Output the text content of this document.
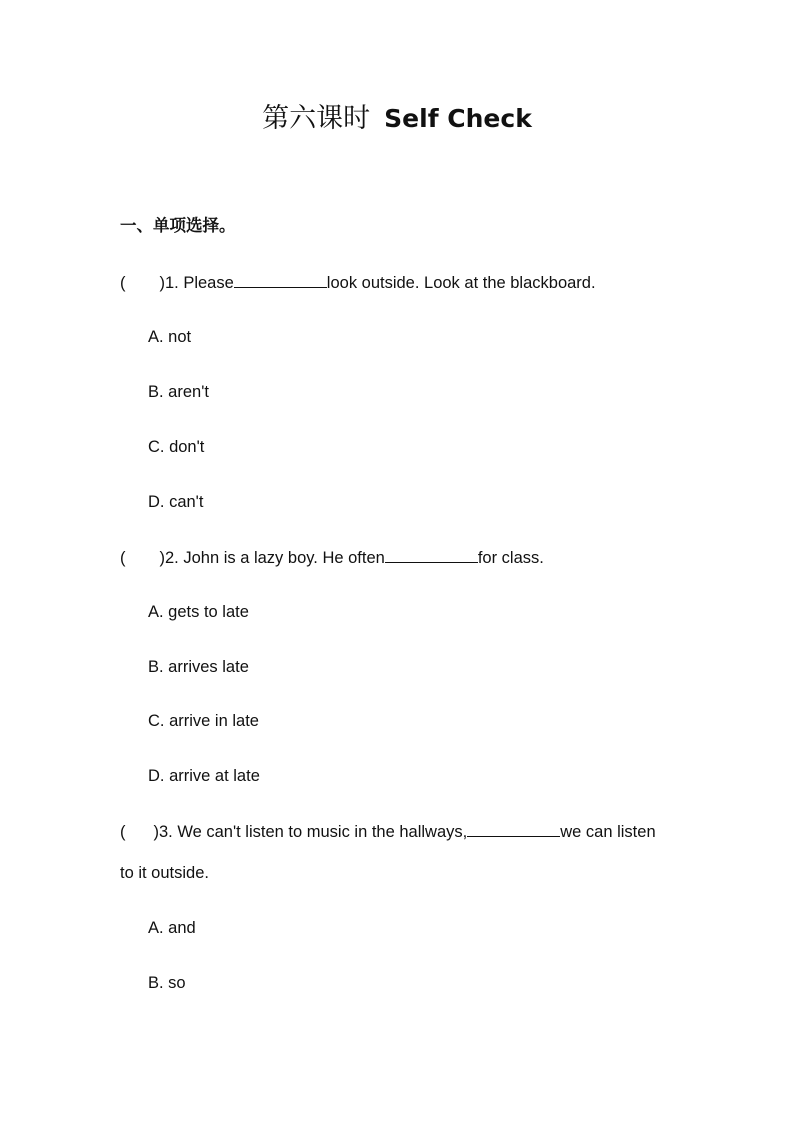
第六课时 Self Check
一、单项选择。
( )1. Please	look outside. Look at the blackboard.
A. not
B. aren't
C. don't
D. can't
( )2. John is a lazy boy. He often	for class.
A. gets to late
B. arrives late
C. arrive in late
D. arrive at late
( )3. We can't listen to music in the hallways,	we can listen
to it outside.
A. and
B. so
